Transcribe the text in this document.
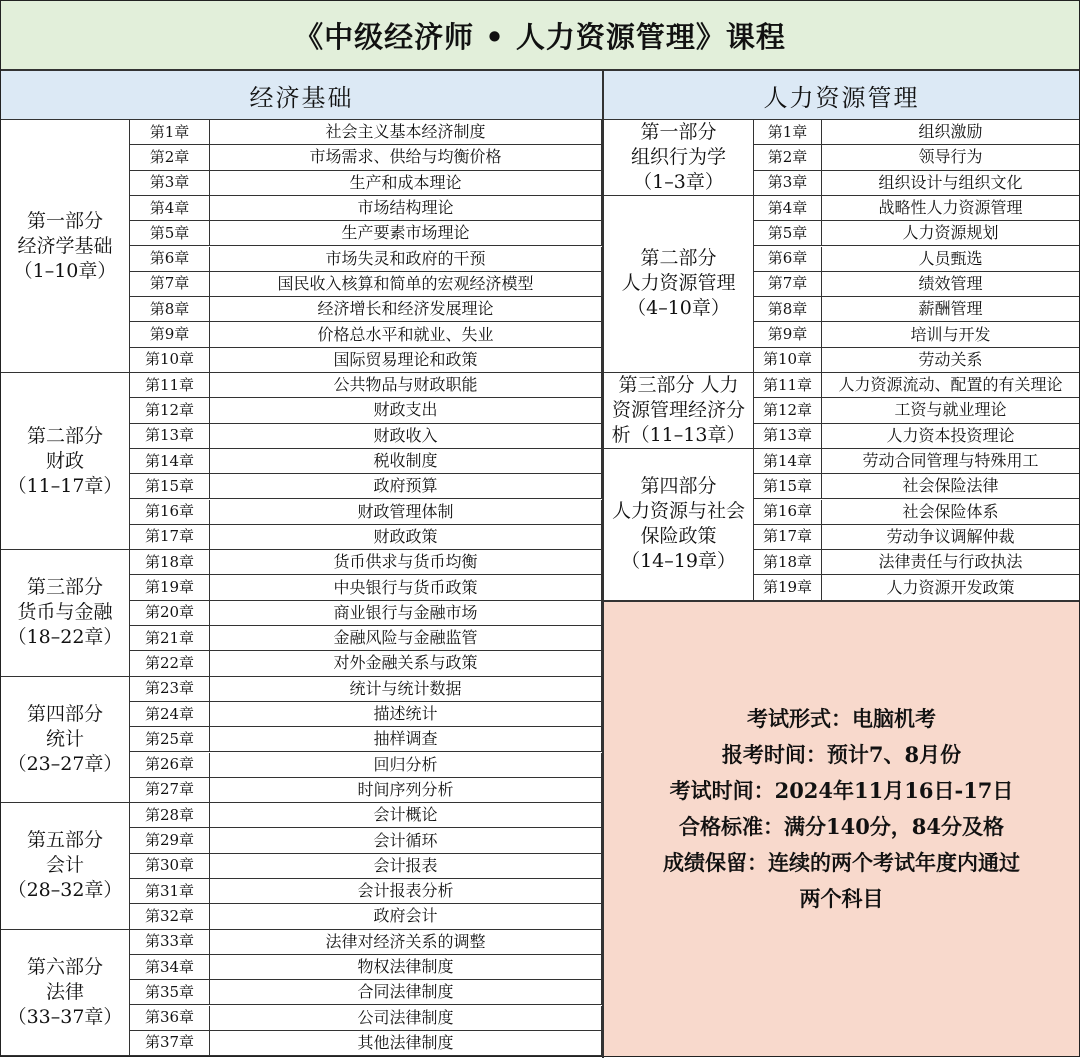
《中级经济师 • 人力资源管理》课程
经济基础	人力资源管理
第一部分
经济学基础
（1–10章）
第1章	社会主义基本经济制度
第2章	市场需求、供给与均衡价格
第3章	生产和成本理论
第4章	市场结构理论
第5章	生产要素市场理论
第6章	市场失灵和政府的干预
第7章	国民收入核算和简单的宏观经济模型
第8章	经济增长和经济发展理论
第9章	价格总水平和就业、失业
第10章	国际贸易理论和政策
第二部分
财政
（11–17章）
第11章	公共物品与财政职能
第12章	财政支出
第13章	财政收入
第14章	税收制度
第15章	政府预算
第16章	财政管理体制
第17章	财政政策
第三部分
货币与金融
（18–22章）
第18章	货币供求与货币均衡
第19章	中央银行与货币政策
第20章	商业银行与金融市场
第21章	金融风险与金融监管
第22章	对外金融关系与政策
第四部分
统计
（23–27章）
第23章	统计与统计数据
第24章	描述统计
第25章	抽样调查
第26章	回归分析
第27章	时间序列分析
第五部分
会计
（28–32章）
第28章	会计概论
第29章	会计循环
第30章	会计报表
第31章	会计报表分析
第32章	政府会计
第六部分
法律
（33–37章）
第33章	法律对经济关系的调整
第34章	物权法律制度
第35章	合同法律制度
第36章	公司法律制度
第37章	其他法律制度
第一部分
组织行为学
（1–3章）
第1章	组织激励
第2章	领导行为
第3章	组织设计与组织文化
第二部分
人力资源管理
（4–10章）
第4章	战略性人力资源管理
第5章	人力资源规划
第6章	人员甄选
第7章	绩效管理
第8章	薪酬管理
第9章	培训与开发
第10章	劳动关系
第三部分 人力
资源管理经济分
析（11–13章）
第11章	人力资源流动、配置的有关理论
第12章	工资与就业理论
第13章	人力资本投资理论
第四部分
人力资源与社会
保险政策
（14–19章）
第14章	劳动合同管理与特殊用工
第15章	社会保险法律
第16章	社会保险体系
第17章	劳动争议调解仲裁
第18章	法律责任与行政执法
第19章	人力资源开发政策
考试形式：电脑机考
报考时间：预计7、8月份
考试时间：2024年11月16日-17日
合格标准：满分140分，84分及格
成绩保留：连续的两个考试年度内通过
两个科目
